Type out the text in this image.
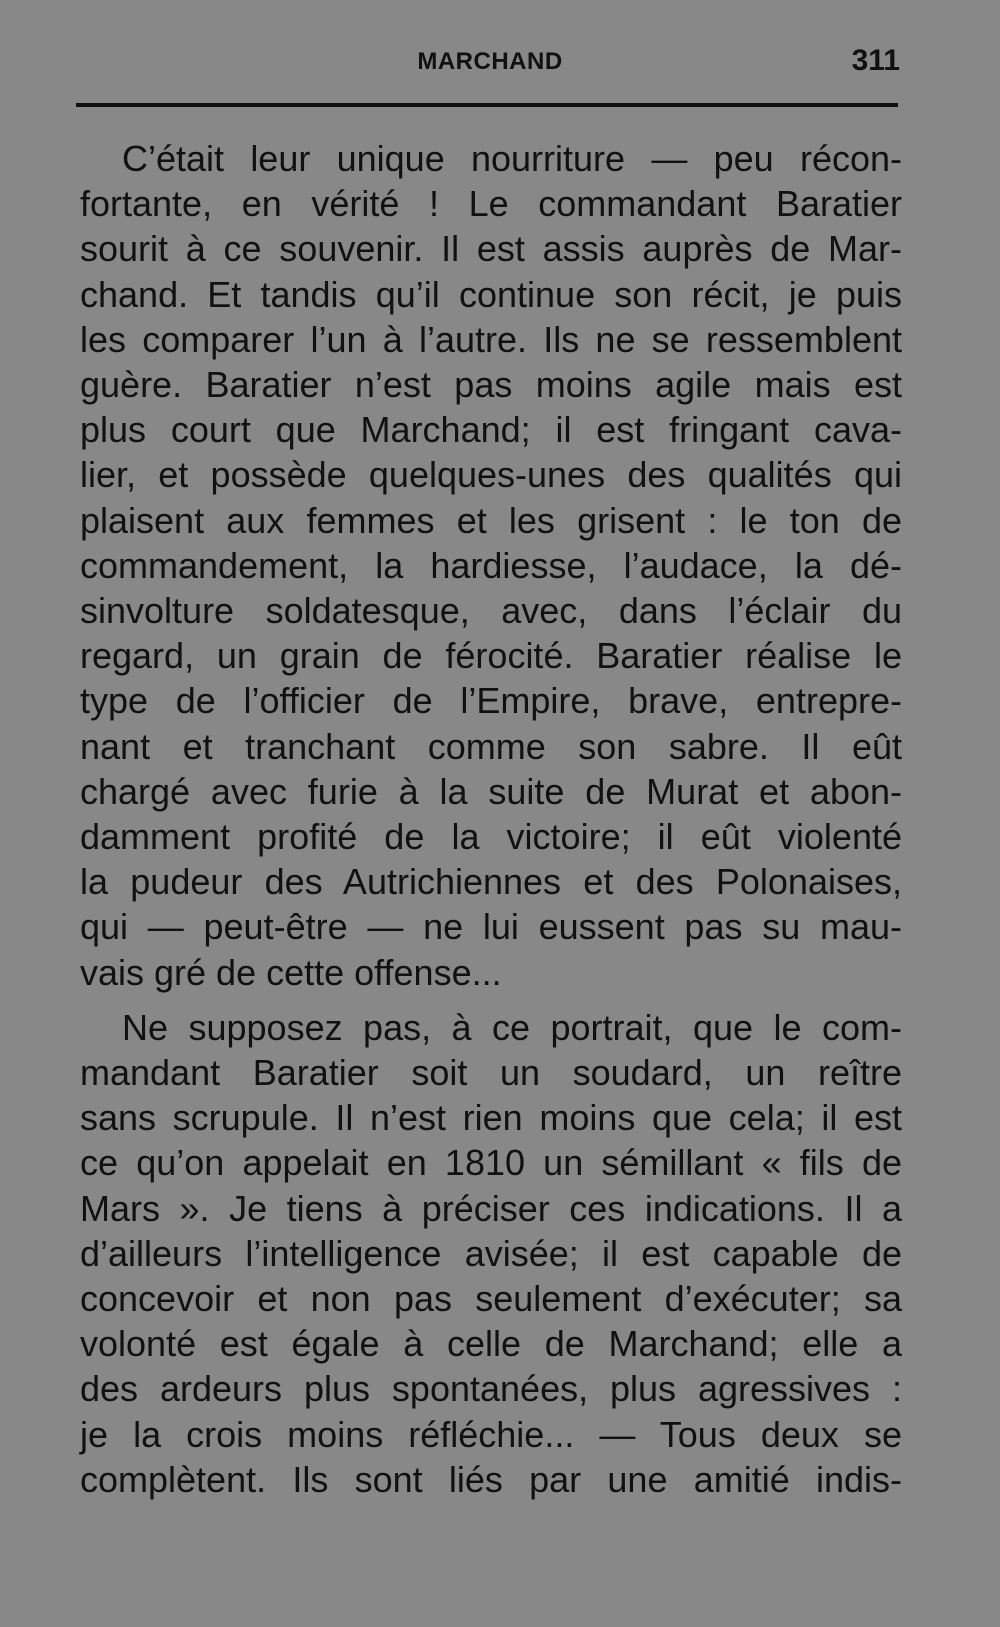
MARCHAND	311
C’était leur unique nourriture — peu récon-
fortante, en vérité ! Le commandant Baratier
sourit à ce souvenir. Il est assis auprès de Mar-
chand. Et tandis qu’il continue son récit, je puis
les comparer l’un à l’autre. Ils ne se ressemblent
guère. Baratier n’est pas moins agile mais est
plus court que Marchand; il est fringant cava-
lier, et possède quelques-unes des qualités qui
plaisent aux femmes et les grisent : le ton de
commandement, la hardiesse, l’audace, la dé-
sinvolture soldatesque, avec, dans l’éclair du
regard, un grain de férocité. Baratier réalise le
type de l’officier de l’Empire, brave, entrepre-
nant et tranchant comme son sabre. Il eût
chargé avec furie à la suite de Murat et abon-
damment profité de la victoire; il eût violenté
la pudeur des Autrichiennes et des Polonaises,
qui — peut-être — ne lui eussent pas su mau-
vais gré de cette offense...
Ne supposez pas, à ce portrait, que le com-
mandant Baratier soit un soudard, un reître
sans scrupule. Il n’est rien moins que cela; il est
ce qu’on appelait en 1810 un sémillant « fils de
Mars ». Je tiens à préciser ces indications. Il a
d’ailleurs l’intelligence avisée; il est capable de
concevoir et non pas seulement d’exécuter; sa
volonté est égale à celle de Marchand; elle a
des ardeurs plus spontanées, plus agressives :
je la crois moins réfléchie... — Tous deux se
complètent. Ils sont liés par une amitié indis-
